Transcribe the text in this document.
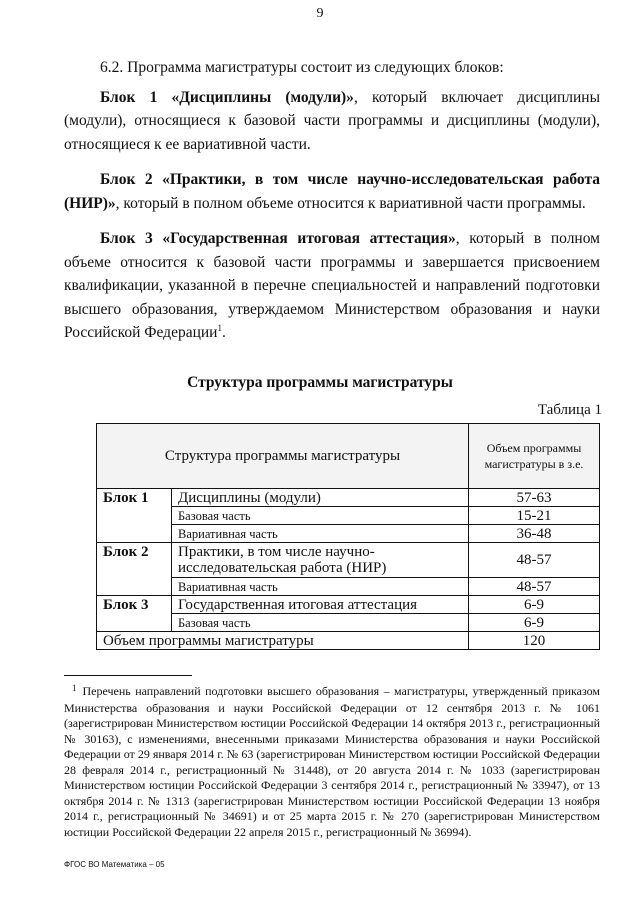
9

6.2. Программа магистратуры состоит из следующих блоков:

Блок 1 «Дисциплины (модули)», который включает дисциплины (модули), относящиеся к базовой части программы и дисциплины (модули), относящиеся к ее вариативной части.

Блок 2 «Практики, в том числе научно-исследовательская работа (НИР)», который в полном объеме относится к вариативной части программы.

Блок 3 «Государственная итоговая аттестация», который в полном объеме относится к базовой части программы и завершается присвоением квалификации, указанной в перечне специальностей и направлений подготовки высшего образования, утверждаемом Министерством образования и науки Российской Федерации$^1$.

Структура программы магистратуры
Таблица 1
Структура программы магистратуры		Объем программы магистратуры в з.е.
Блок 1	Дисциплины (модули)	57-63
	Базовая часть	15-21
	Вариативная часть	36-48
Блок 2	Практики, в том числе научно-исследовательская работа (НИР)	48-57
	Вариативная часть	48-57
Блок 3	Государственная итоговая аттестация	6-9
	Базовая часть	6-9
Объем программы магистратуры		120
$^1$ Перечень направлений подготовки высшего образования – магистратуры, утвержденный приказом Министерства образования и науки Российской Федерации от 12 сентября 2013 г. № 1061 (зарегистрирован Министерством юстиции Российской Федерации 14 октября 2013 г., регистрационный № 30163), с изменениями, внесенными приказами Министерства образования и науки Российской Федерации от 29 января 2014 г. № 63 (зарегистрирован Министерством юстиции Российской Федерации 28 февраля 2014 г., регистрационный № 31448), от 20 августа 2014 г. № 1033 (зарегистрирован Министерством юстиции Российской Федерации 3 сентября 2014 г., регистрационный № 33947), от 13 октября 2014 г. № 1313 (зарегистрирован Министерством юстиции Российской Федерации 13 ноября 2014 г., регистрационный № 34691) и от 25 марта 2015 г. № 270 (зарегистрирован Министерством юстиции Российской Федерации 22 апреля 2015 г., регистрационный № 36994).
ФГОС ВО Математика – 05
